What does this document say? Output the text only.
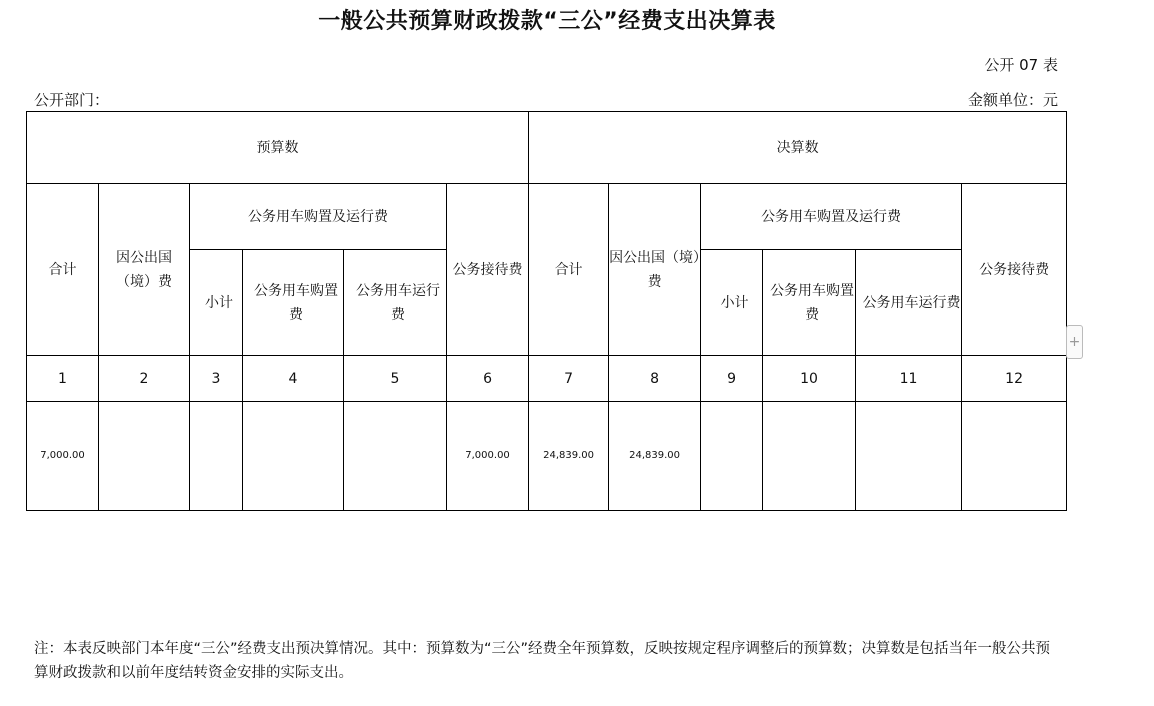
一般公共预算财政拨款“三公”经费支出决算表
公开 07 表
公开部门：	金额单位：元
预算数						决算数					
合计	因公出国（境）费	公务用车购置及运行费			公务接待费	合计	因公出国（境）费	公务用车购置及运行费			公务接待费
		小计	公务用车购置费	公务用车运行费				小计	公务用车购置费	公务用车运行费	
1	2	3	4	5	6	7	8	9	10	11	12
7,000.00					7,000.00	24,839.00	24,839.00				
+
注：本表反映部门本年度“三公”经费支出预决算情况。其中：预算数为“三公”经费全年预算数，反映按规定程序调整后的预算数；决算数是包括当年一般公共预算财政拨款和以前年度结转资金安排的实际支出。
